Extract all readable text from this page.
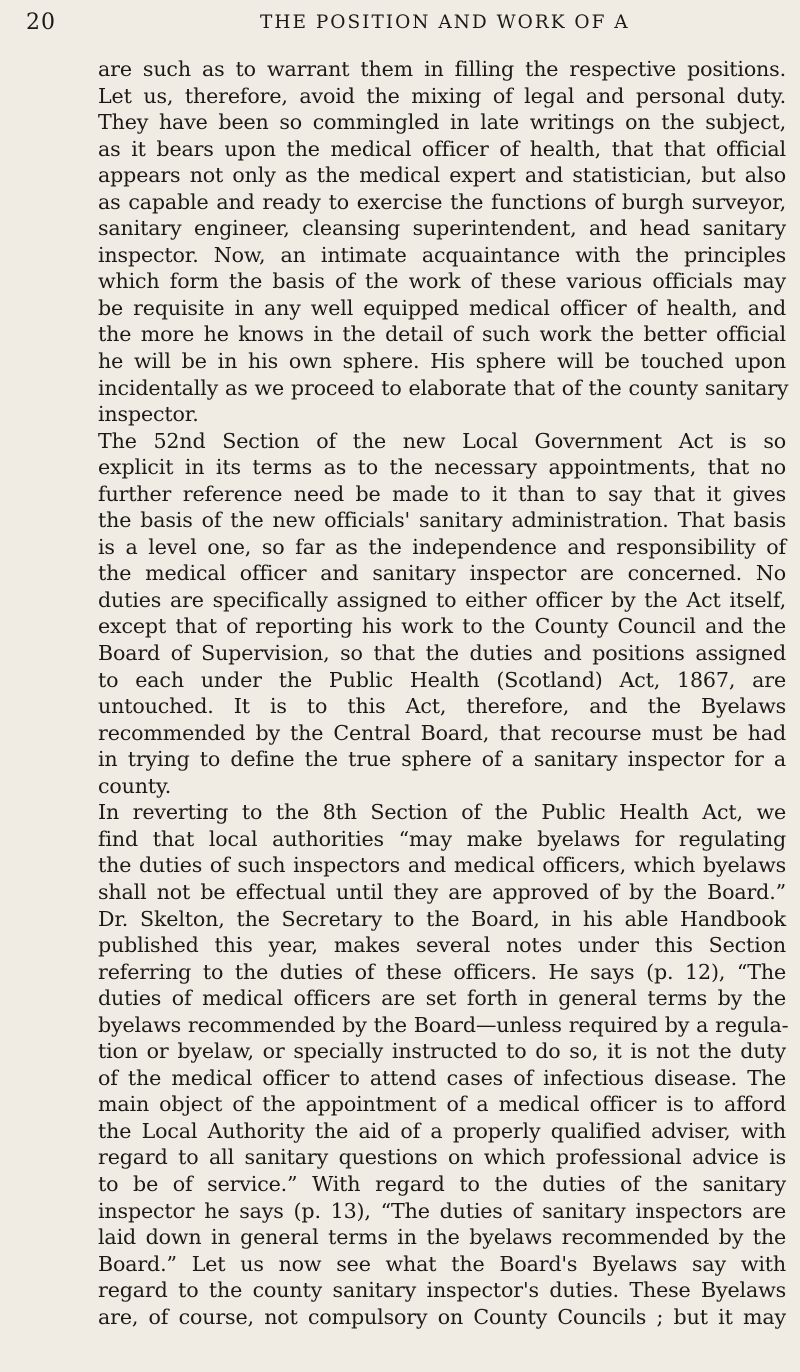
20	THE POSITION AND WORK OF A
are such as to warrant them in filling the respective positions.
Let us, therefore, avoid the mixing of legal and personal duty.
They have been so commingled in late writings on the subject,
as it bears upon the medical officer of health, that that official
appears not only as the medical expert and statistician, but also
as capable and ready to exercise the functions of burgh surveyor,
sanitary engineer, cleansing superintendent, and head sanitary
inspector. Now, an intimate acquaintance with the principles
which form the basis of the work of these various officials may
be requisite in any well equipped medical officer of health, and
the more he knows in the detail of such work the better official
he will be in his own sphere. His sphere will be touched upon
incidentally as we proceed to elaborate that of the county sanitary
inspector.
The 52nd Section of the new Local Government Act is so
explicit in its terms as to the necessary appointments, that no
further reference need be made to it than to say that it gives
the basis of the new officials' sanitary administration. That basis
is a level one, so far as the independence and responsibility of
the medical officer and sanitary inspector are concerned. No
duties are specifically assigned to either officer by the Act itself,
except that of reporting his work to the County Council and the
Board of Supervision, so that the duties and positions assigned
to each under the Public Health (Scotland) Act, 1867, are
untouched. It is to this Act, therefore, and the Byelaws
recommended by the Central Board, that recourse must be had
in trying to define the true sphere of a sanitary inspector for a
county.
In reverting to the 8th Section of the Public Health Act, we
find that local authorities “may make byelaws for regulating
the duties of such inspectors and medical officers, which byelaws
shall not be effectual until they are approved of by the Board.”
Dr. Skelton, the Secretary to the Board, in his able Handbook
published this year, makes several notes under this Section
referring to the duties of these officers. He says (p. 12), “The
duties of medical officers are set forth in general terms by the
byelaws recommended by the Board—unless required by a regula-
tion or byelaw, or specially instructed to do so, it is not the duty
of the medical officer to attend cases of infectious disease. The
main object of the appointment of a medical officer is to afford
the Local Authority the aid of a properly qualified adviser, with
regard to all sanitary questions on which professional advice is
to be of service.” With regard to the duties of the sanitary
inspector he says (p. 13), “The duties of sanitary inspectors are
laid down in general terms in the byelaws recommended by the
Board.” Let us now see what the Board's Byelaws say with
regard to the county sanitary inspector's duties. These Byelaws
are, of course, not compulsory on County Councils ; but it may
